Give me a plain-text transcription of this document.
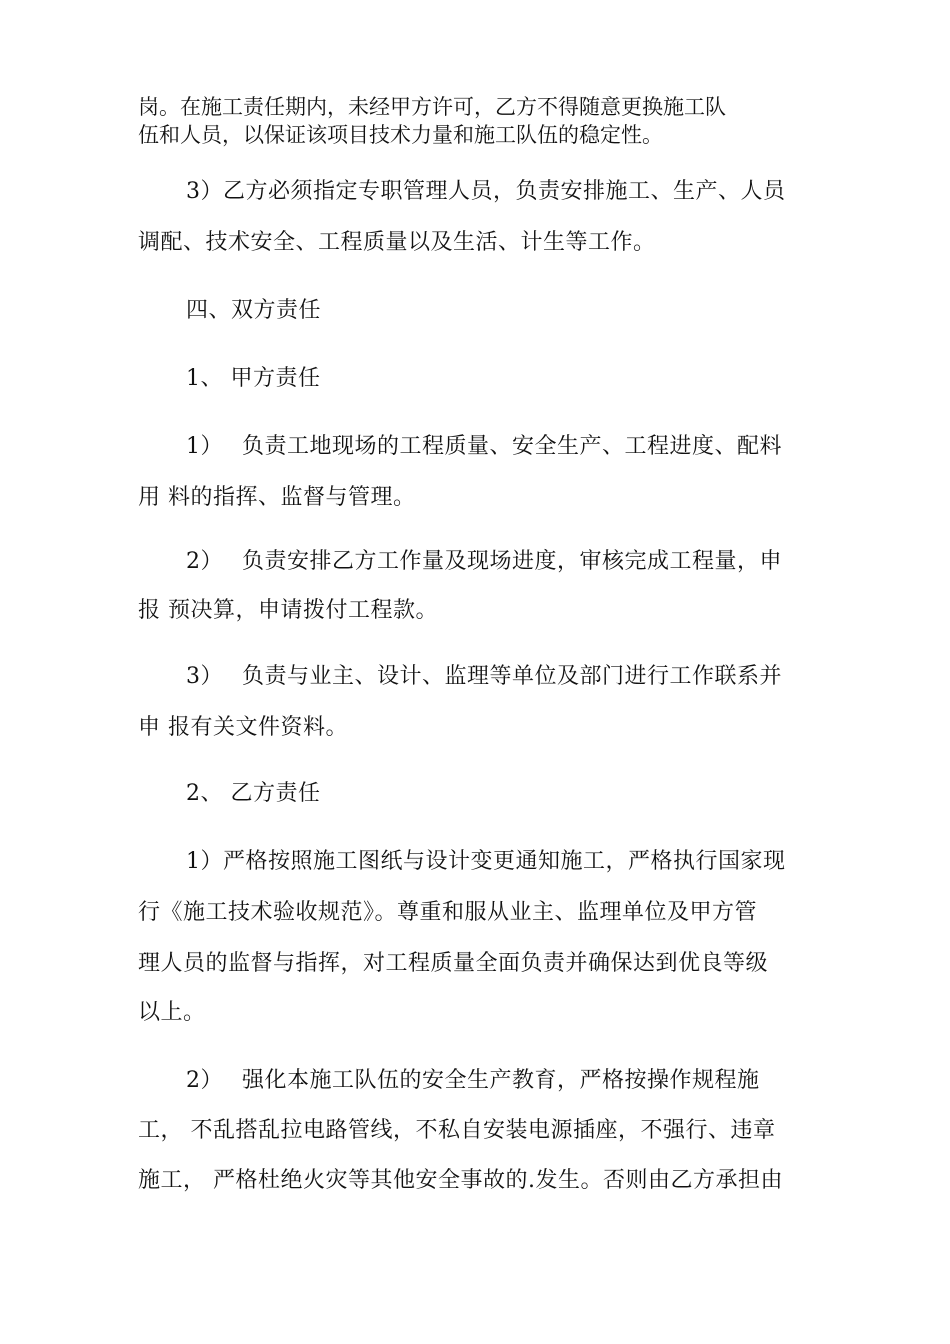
岗。在施工责任期内，未经甲方许可，乙方不得随意更换施工队
伍和人员，以保证该项目技术力量和施工队伍的稳定性。
3）乙方必须指定专职管理人员，负责安排施工、生产、人员
调配、技术安全、工程质量以及生活、计生等工作。
四、双方责任
1、 甲方责任
1）　 负责工地现场的工程质量、安全生产、工程进度、配料
用 料的指挥、监督与管理。
2）　 负责安排乙方工作量及现场进度，审核完成工程量，申
报 预决算，申请拨付工程款。
3）　 负责与业主、设计、监理等单位及部门进行工作联系并
申 报有关文件资料。
2、 乙方责任
1）严格按照施工图纸与设计变更通知施工，严格执行国家现
行《施工技术验收规范》。尊重和服从业主、监理单位及甲方管
理人员的监督与指挥，对工程质量全面负责并确保达到优良等级
以上。
2）　 强化本施工队伍的安全生产教育，严格按操作规程施
工， 不乱搭乱拉电路管线，不私自安装电源插座，不强行、违章
施工， 严格杜绝火灾等其他安全事故的.发生。否则由乙方承担由
